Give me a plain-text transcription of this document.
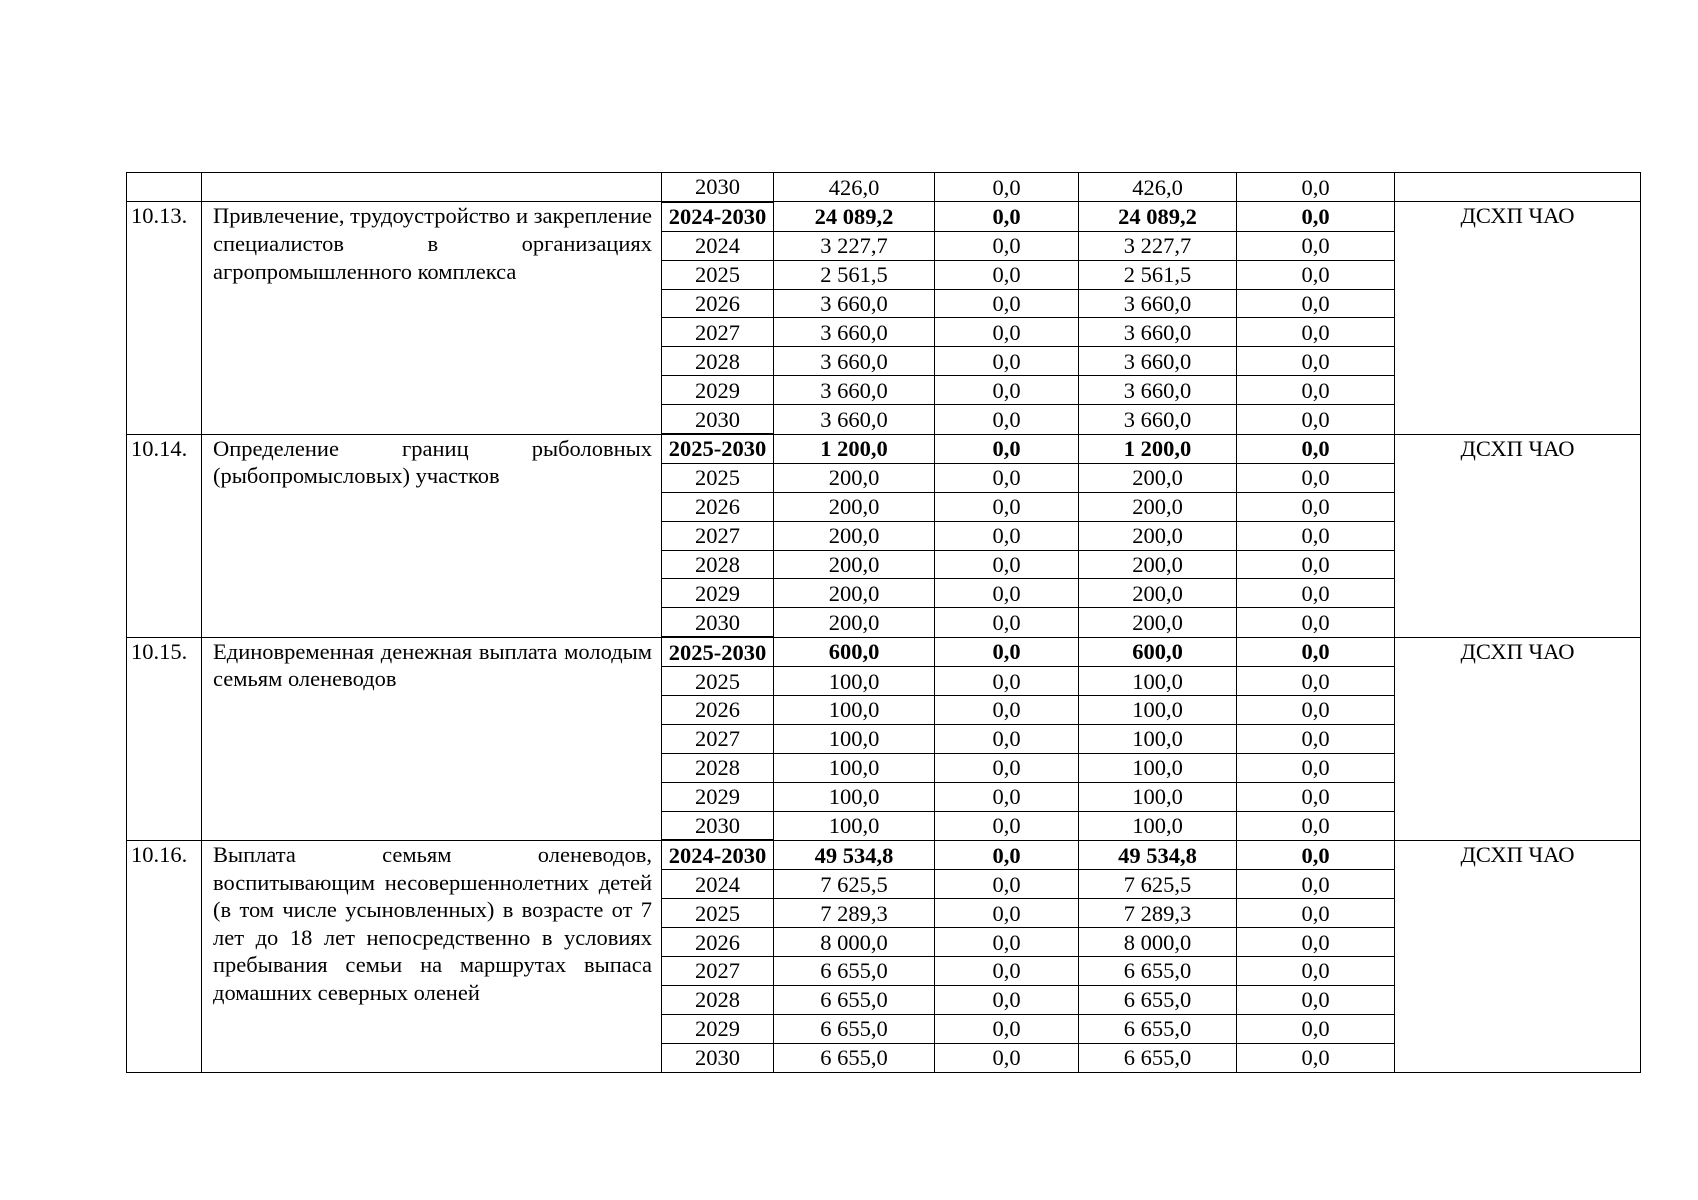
		2030	426,0	0,0	426,0	0,0	
10.13.	Привлечение, трудоустройство и закрепление специалистов в организациях агропромышленного комплекса	2024-2030	24 089,2	0,0	24 089,2	0,0	ДСХП ЧАО
		2024	3 227,7	0,0	3 227,7	0,0	
		2025	2 561,5	0,0	2 561,5	0,0	
		2026	3 660,0	0,0	3 660,0	0,0	
		2027	3 660,0	0,0	3 660,0	0,0	
		2028	3 660,0	0,0	3 660,0	0,0	
		2029	3 660,0	0,0	3 660,0	0,0	
		2030	3 660,0	0,0	3 660,0	0,0	
10.14.	Определение границ рыболовных (рыбопромысловых) участков	2025-2030	1 200,0	0,0	1 200,0	0,0	ДСХП ЧАО
		2025	200,0	0,0	200,0	0,0	
		2026	200,0	0,0	200,0	0,0	
		2027	200,0	0,0	200,0	0,0	
		2028	200,0	0,0	200,0	0,0	
		2029	200,0	0,0	200,0	0,0	
		2030	200,0	0,0	200,0	0,0	
10.15.	Единовременная денежная выплата молодым семьям оленеводов	2025-2030	600,0	0,0	600,0	0,0	ДСХП ЧАО
		2025	100,0	0,0	100,0	0,0	
		2026	100,0	0,0	100,0	0,0	
		2027	100,0	0,0	100,0	0,0	
		2028	100,0	0,0	100,0	0,0	
		2029	100,0	0,0	100,0	0,0	
		2030	100,0	0,0	100,0	0,0	
10.16.	Выплата семьям оленеводов, воспитывающим несовершеннолетних детей (в том числе усыновленных) в возрасте от 7 лет до 18 лет непосредственно в условиях пребывания семьи на маршрутах выпаса домашних северных оленей	2024-2030	49 534,8	0,0	49 534,8	0,0	ДСХП ЧАО
		2024	7 625,5	0,0	7 625,5	0,0	
		2025	7 289,3	0,0	7 289,3	0,0	
		2026	8 000,0	0,0	8 000,0	0,0	
		2027	6 655,0	0,0	6 655,0	0,0	
		2028	6 655,0	0,0	6 655,0	0,0	
		2029	6 655,0	0,0	6 655,0	0,0	
		2030	6 655,0	0,0	6 655,0	0,0	
